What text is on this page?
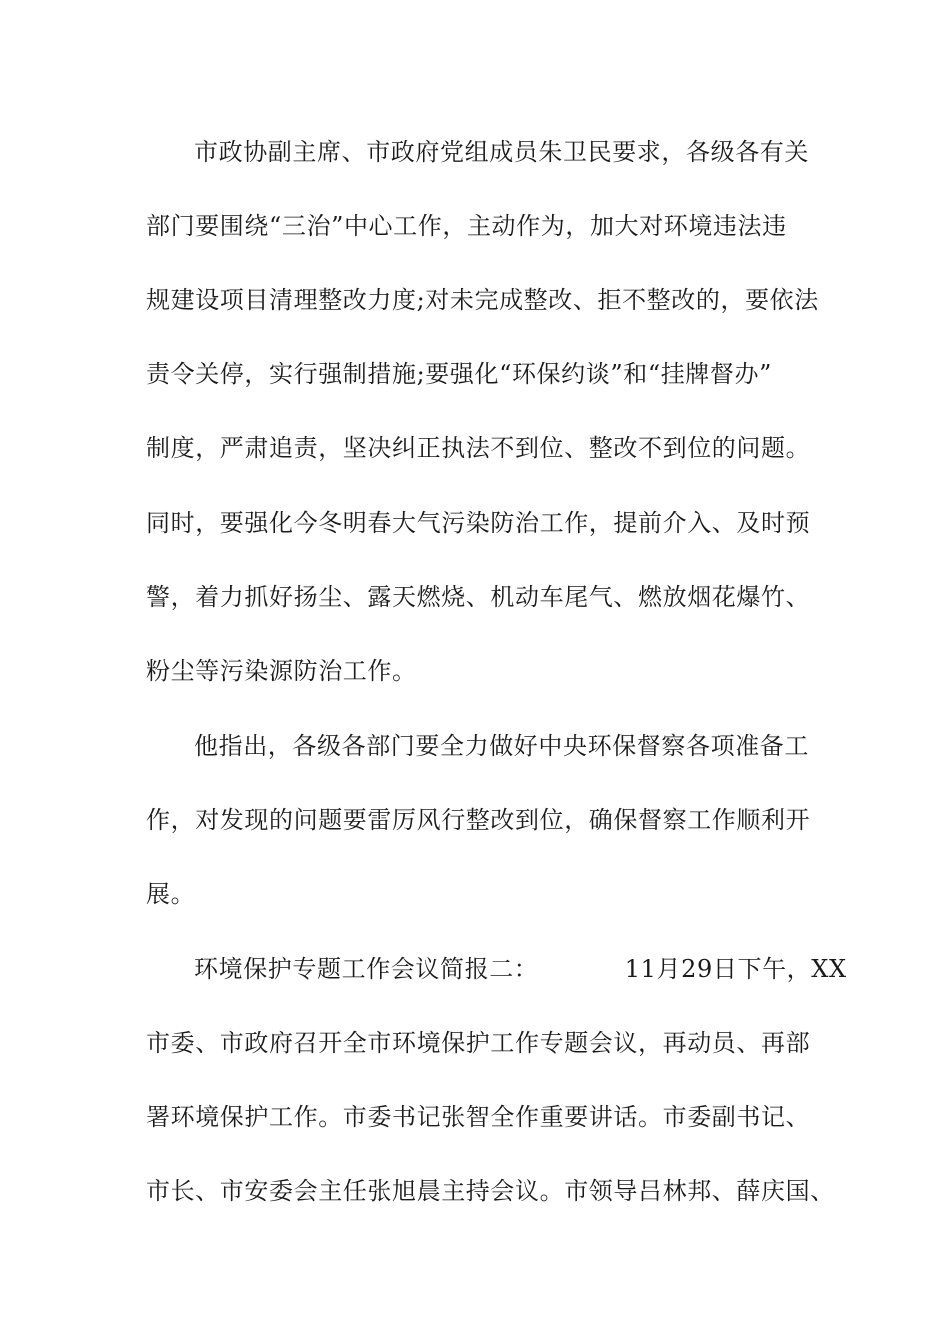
市政协副主席、市政府党组成员朱卫民要求，各级各有关
部门要围绕“三治”中心工作，主动作为，加大对环境违法违
规建设项目清理整改力度;对未完成整改、拒不整改的，要依法
责令关停，实行强制措施;要强化“环保约谈”和“挂牌督办”
制度，严肃追责，坚决纠正执法不到位、整改不到位的问题。
同时，要强化今冬明春大气污染防治工作，提前介入、及时预
警，着力抓好扬尘、露天燃烧、机动车尾气、燃放烟花爆竹、
粉尘等污染源防治工作。
他指出，各级各部门要全力做好中央环保督察各项准备工
作，对发现的问题要雷厉风行整改到位，确保督察工作顺利开
展。
环境保护专题工作会议简报二：　　　　11月29日下午，XX
市委、市政府召开全市环境保护工作专题会议，再动员、再部
署环境保护工作。市委书记张智全作重要讲话。市委副书记、
市长、市安委会主任张旭晨主持会议。市领导吕林邦、薛庆国、
